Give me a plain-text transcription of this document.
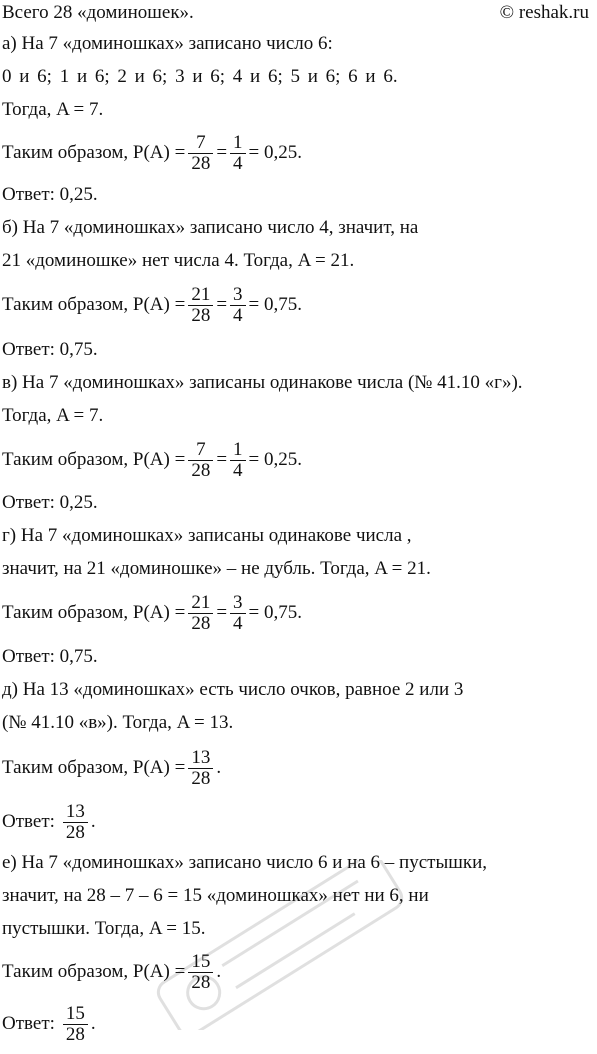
Всего 28 «доминошек».	© reshak.ru
а) На 7 «доминошках» записано число 6:
0 и 6; 1 и 6; 2 и 6; 3 и 6; 4 и 6; 5 и 6; 6 и 6.
Тогда, A = 7.
Таким образом, $P(A) = \frac{7}{28} = \frac{1}{4} = 0,25$.
Ответ: 0,25.
б) На 7 «доминошках» записано число 4, значит, на
21 «доминошке» нет числа 4. Тогда, A = 21.
Таким образом, $P(A) = \frac{21}{28} = \frac{3}{4} = 0,75$.
Ответ: 0,75.
в) На 7 «доминошках» записаны одинакове числа (№ 41.10 «г»).
Тогда, A = 7.
Таким образом, $P(A) = \frac{7}{28} = \frac{1}{4} = 0,25$.
Ответ: 0,25.
г) На 7 «доминошках» записаны одинакове числа ,
значит, на 21 «доминошке» – не дубль. Тогда, A = 21.
Таким образом, $P(A) = \frac{21}{28} = \frac{3}{4} = 0,75$.
Ответ: 0,75.
д) На 13 «доминошках» есть число очков, равное 2 или 3
(№ 41.10 «в»). Тогда, A = 13.
Таким образом, $P(A) = \frac{13}{28}$ .
Ответ: $\frac{13}{28}$ .
е) На 7 «доминошках» записано число 6 и на 6 – пустышки,
значит, на 28 – 7 – 6 = 15 «доминошках» нет ни 6, ни
пустышки. Тогда, A = 15.
Таким образом, $P(A) = \frac{15}{28}$ .
Ответ: $\frac{15}{28}$ .
